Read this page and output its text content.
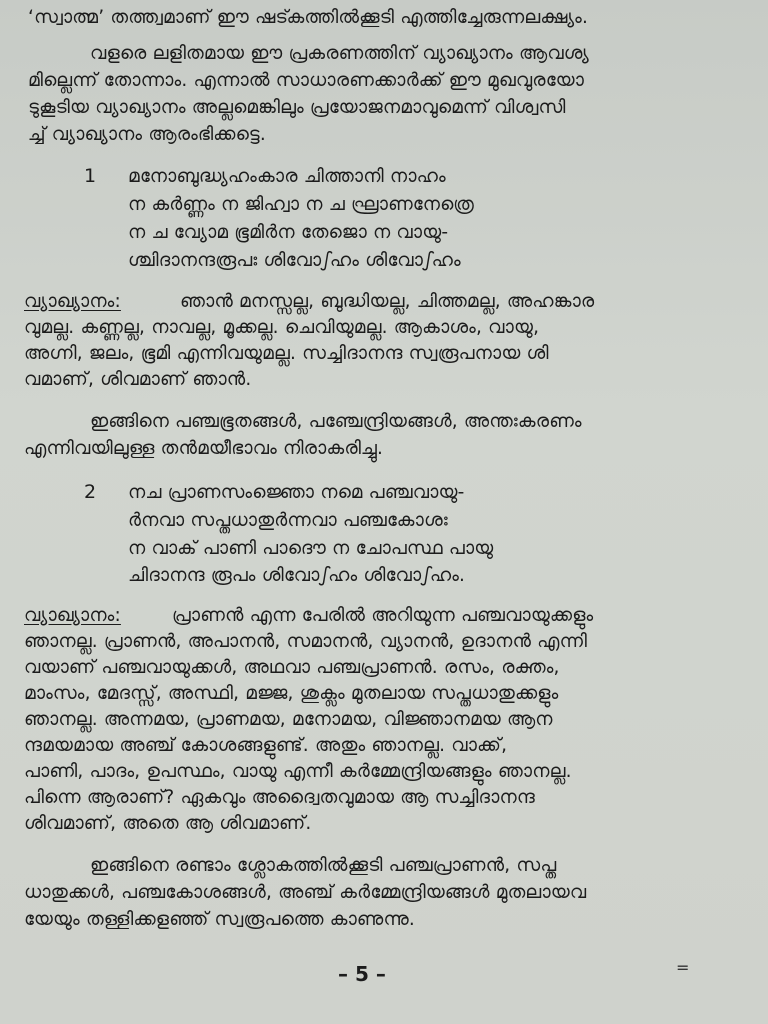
‘സ്വാത്മ’ തത്ത്വമാണ് ഈ ഷട്കത്തിൽക്കൂടി എത്തിച്ചേരുന്നലക്ഷ്യം.
വളരെ ലളിതമായ ഈ പ്രകരണത്തിന് വ്യാഖ്യാനം ആവശ്യ
മില്ലെന്ന് തോന്നാം. എന്നാൽ സാധാരണക്കാർക്ക് ഈ മുഖവുരയോ
ടുകൂടിയ വ്യാഖ്യാനം അല്ലമെങ്കിലും പ്രയോജനമാവുമെന്ന് വിശ്വസി
ച്ച് വ്യാഖ്യാനം ആരംഭിക്കട്ടെ.
1 മനോബുദ്ധ്യഹംകാര ചിത്താനി നാഹം
ന കർണ്ണം ന ജിഹ്വാ ന ച ഘ്രാണനേത്രെ
ന ച വ്യോമ ഭൂമിർന തേജൊ ന വായു-
ശ്ചിദാനന്ദരൂപഃ ശിവോഽഹം ശിവോഽഹം
വ്യാഖ്യാനം:	ഞാൻ മനസ്സല്ല, ബുദ്ധിയല്ല, ചിത്തമല്ല, അഹങ്കാര
വുമല്ല. കണ്ണല്ല, നാവല്ല, മൂക്കല്ല. ചെവിയുമല്ല. ആകാശം, വായു,
അഗ്നി, ജലം, ഭൂമി എന്നിവയുമല്ല. സച്ചിദാനന്ദ സ്വരൂപനായ ശി
വമാണ്, ശിവമാണ് ഞാൻ.
ഇങ്ങിനെ പഞ്ചഭൂതങ്ങൾ, പഞ്ചേന്ദ്രിയങ്ങൾ, അന്തഃകരണം
എന്നിവയിലുള്ള തൻമയീഭാവം നിരാകരിച്ചു.
2 നച പ്രാണസംജ്ഞൊ നമെ പഞ്ചവായു-
ർനവാ സപ്തധാതുർന്നവാ പഞ്ചകോശഃ
ന വാക് പാണി പാദൌ ന ചോപസ്ഥ പായു
ചിദാനന്ദ രൂപം ശിവോഽഹം ശിവോഽഹം.
വ്യാഖ്യാനം:	പ്രാണൻ എന്ന പേരിൽ അറിയുന്ന പഞ്ചവായുക്കളും
ഞാനല്ല. പ്രാണൻ, അപാനൻ, സമാനൻ, വ്യാനൻ, ഉദാനൻ എന്നി
വയാണ് പഞ്ചവായുക്കൾ, അഥവാ പഞ്ചപ്രാണൻ. രസം, രക്തം,
മാംസം, മേദസ്സ്, അസ്ഥി, മജ്ജ, ശുക്ലം മുതലായ സപ്തധാതുക്കളും
ഞാനല്ല. അന്നമയ, പ്രാണമയ, മനോമയ, വിജ്ഞാനമയ ആന
ന്ദമയമായ അഞ്ച് കോശങ്ങളുണ്ട്. അതും ഞാനല്ല. വാക്ക്,
പാണി, പാദം, ഉപസ്ഥം, വായു എന്നീ കർമ്മേന്ദ്രിയങ്ങളും ഞാനല്ല.
പിന്നെ ആരാണ്? ഏകവും അദ്വൈതവുമായ ആ സച്ചിദാനന്ദ
ശിവമാണ്, അതെ ആ ശിവമാണ്.
ഇങ്ങിനെ രണ്ടാം ശ്ലോകത്തിൽക്കൂടി പഞ്ചപ്രാണൻ, സപ്ത
ധാതുക്കൾ, പഞ്ചകോശങ്ങൾ, അഞ്ച് കർമ്മേന്ദ്രിയങ്ങൾ മുതലായവ
യേയും തള്ളിക്കളഞ്ഞ് സ്വരൂപത്തെ കാണുന്നു.
– 5 –	=
